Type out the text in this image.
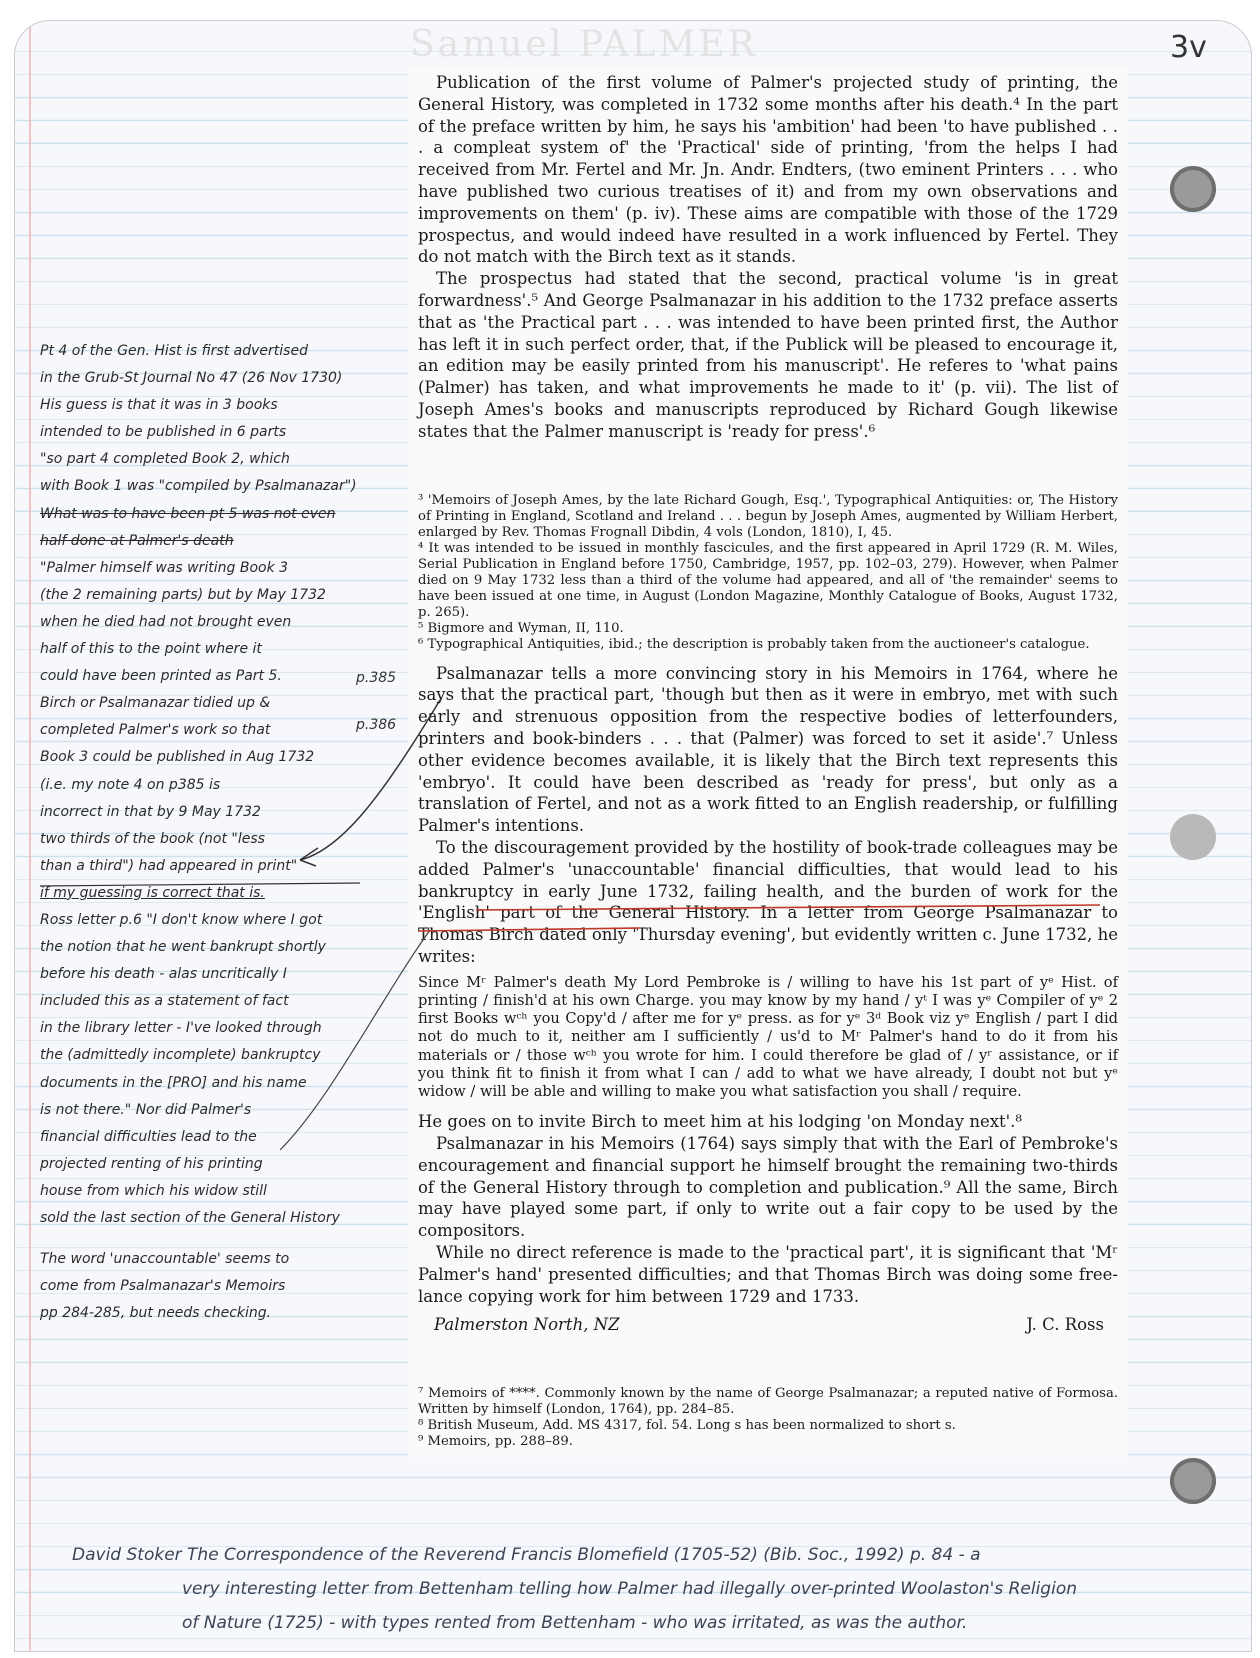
Samuel PALMER	3v

Publication of the first volume of Palmer's projected study of printing, the General History, was completed in 1732 some months after his death.⁴ In the part of the preface written by him, he says his 'ambition' had been 'to have published . . . a compleat system of' the 'Practical' side of printing, 'from the helps I had received from Mr. Fertel and Mr. Jn. Andr. Endters, (two eminent Printers . . . who have published two curious treatises of it) and from my own observations and improvements on them' (p. iv). These aims are compatible with those of the 1729 prospectus, and would indeed have resulted in a work influenced by Fertel. They do not match with the Birch text as it stands.

The prospectus had stated that the second, practical volume 'is in great forwardness'.⁵ And George Psalmanazar in his addition to the 1732 preface asserts that as 'the Practical part . . . was intended to have been printed first, the Author has left it in such perfect order, that, if the Publick will be pleased to encourage it, an edition may be easily printed from his manuscript'. He referes to 'what pains (Palmer) has taken, and what improvements he made to it' (p. vii). The list of Joseph Ames's books and manuscripts reproduced by Richard Gough likewise states that the Palmer manuscript is 'ready for press'.⁶

³ 'Memoirs of Joseph Ames, by the late Richard Gough, Esq.', Typographical Antiquities: or, The History of Printing in England, Scotland and Ireland . . . begun by Joseph Ames, augmented by William Herbert, enlarged by Rev. Thomas Frognall Dibdin, 4 vols (London, 1810), I, 45.
⁴ It was intended to be issued in monthly fascicules, and the first appeared in April 1729 (R. M. Wiles, Serial Publication in England before 1750, Cambridge, 1957, pp. 102–03, 279). However, when Palmer died on 9 May 1732 less than a third of the volume had appeared, and all of 'the remainder' seems to have been issued at one time, in August (London Magazine, Monthly Catalogue of Books, August 1732, p. 265).
⁵ Bigmore and Wyman, II, 110.
⁶ Typographical Antiquities, ibid.; the description is probably taken from the auctioneer's catalogue.

Psalmanazar tells a more convincing story in his Memoirs in 1764, where he says that the practical part, 'though but then as it were in embryo, met with such early and strenuous opposition from the respective bodies of letterfounders, printers and book-binders . . . that (Palmer) was forced to set it aside'.⁷ Unless other evidence becomes available, it is likely that the Birch text represents this 'embryo'. It could have been described as 'ready for press', but only as a translation of Fertel, and not as a work fitted to an English readership, or fulfilling Palmer's intentions.

To the discouragement provided by the hostility of book-trade colleagues may be added Palmer's 'unaccountable' financial difficulties, that would lead to his bankruptcy in early June 1732, failing health, and the burden of work for the 'English' part of the General History. In a letter from George Psalmanazar to Thomas Birch dated only 'Thursday evening', but evidently written c. June 1732, he writes:

Since Mʳ Palmer's death My Lord Pembroke is / willing to have his 1st part of yᵉ Hist. of printing / finish'd at his own Charge. you may know by my hand / yᵗ I was yᵉ Compiler of yᵉ 2 first Books wᶜʰ you Copy'd / after me for yᵉ press. as for yᵉ 3ᵈ Book viz yᵉ English / part I did not do much to it, neither am I sufficiently / us'd to Mʳ Palmer's hand to do it from his materials or / those wᶜʰ you wrote for him. I could therefore be glad of / yʳ assistance, or if you think fit to finish it from what I can / add to what we have already, I doubt not but yᵉ widow / will be able and willing to make you what satisfaction you shall / require.

He goes on to invite Birch to meet him at his lodging 'on Monday next'.⁸

Psalmanazar in his Memoirs (1764) says simply that with the Earl of Pembroke's encouragement and financial support he himself brought the remaining two-thirds of the General History through to completion and publication.⁹ All the same, Birch may have played some part, if only to write out a fair copy to be used by the compositors.

While no direct reference is made to the 'practical part', it is significant that 'Mʳ Palmer's hand' presented difficulties; and that Thomas Birch was doing some free-lance copying work for him between 1729 and 1733.

Palmerston North, NZ	J. C. Ross
⁷ Memoirs of ****. Commonly known by the name of George Psalmanazar; a reputed native of Formosa. Written by himself (London, 1764), pp. 284–85.
⁸ British Museum, Add. MS 4317, fol. 54. Long s has been normalized to short s.
⁹ Memoirs, pp. 288–89.
Pt 4 of the Gen. Hist is first advertised
in the Grub-St Journal No 47 (26 Nov 1730)
His guess is that it was in 3 books
intended to be published in 6 parts
"so part 4 completed Book 2, which
with Book 1 was "compiled by Psalmanazar")
What was to have been pt 5 was not even
half done at Palmer's death
"Palmer himself was writing Book 3
(the 2 remaining parts) but by May 1732
when he died had not brought even
half of this to the point where it
could have been printed as Part 5.
Birch or Psalmanazar tidied up &
completed Palmer's work so that
Book 3 could be published in Aug 1732
(i.e. my note 4 on p385 is
incorrect in that by 9 May 1732
two thirds of the book (not "less
than a third") had appeared in print"
if my guessing is correct that is.
Ross letter p.6 "I don't know where I got
the notion that he went bankrupt shortly
before his death - alas uncritically I
included this as a statement of fact
in the library letter - I've looked through
the (admittedly incomplete) bankruptcy
documents in the [PRO] and his name
is not there." Nor did Palmer's
financial difficulties lead to the
projected renting of his printing
house from which his widow still
sold the last section of the General History
The word 'unaccountable' seems to
come from Psalmanazar's Memoirs
pp 284-285, but needs checking.
p.385
p.386
David Stoker The Correspondence of the Reverend Francis Blomefield (1705-52) (Bib. Soc., 1992) p. 84 - a
very interesting letter from Bettenham telling how Palmer had illegally over-printed Woolaston's Religion
of Nature (1725) - with types rented from Bettenham - who was irritated, as was the author.
